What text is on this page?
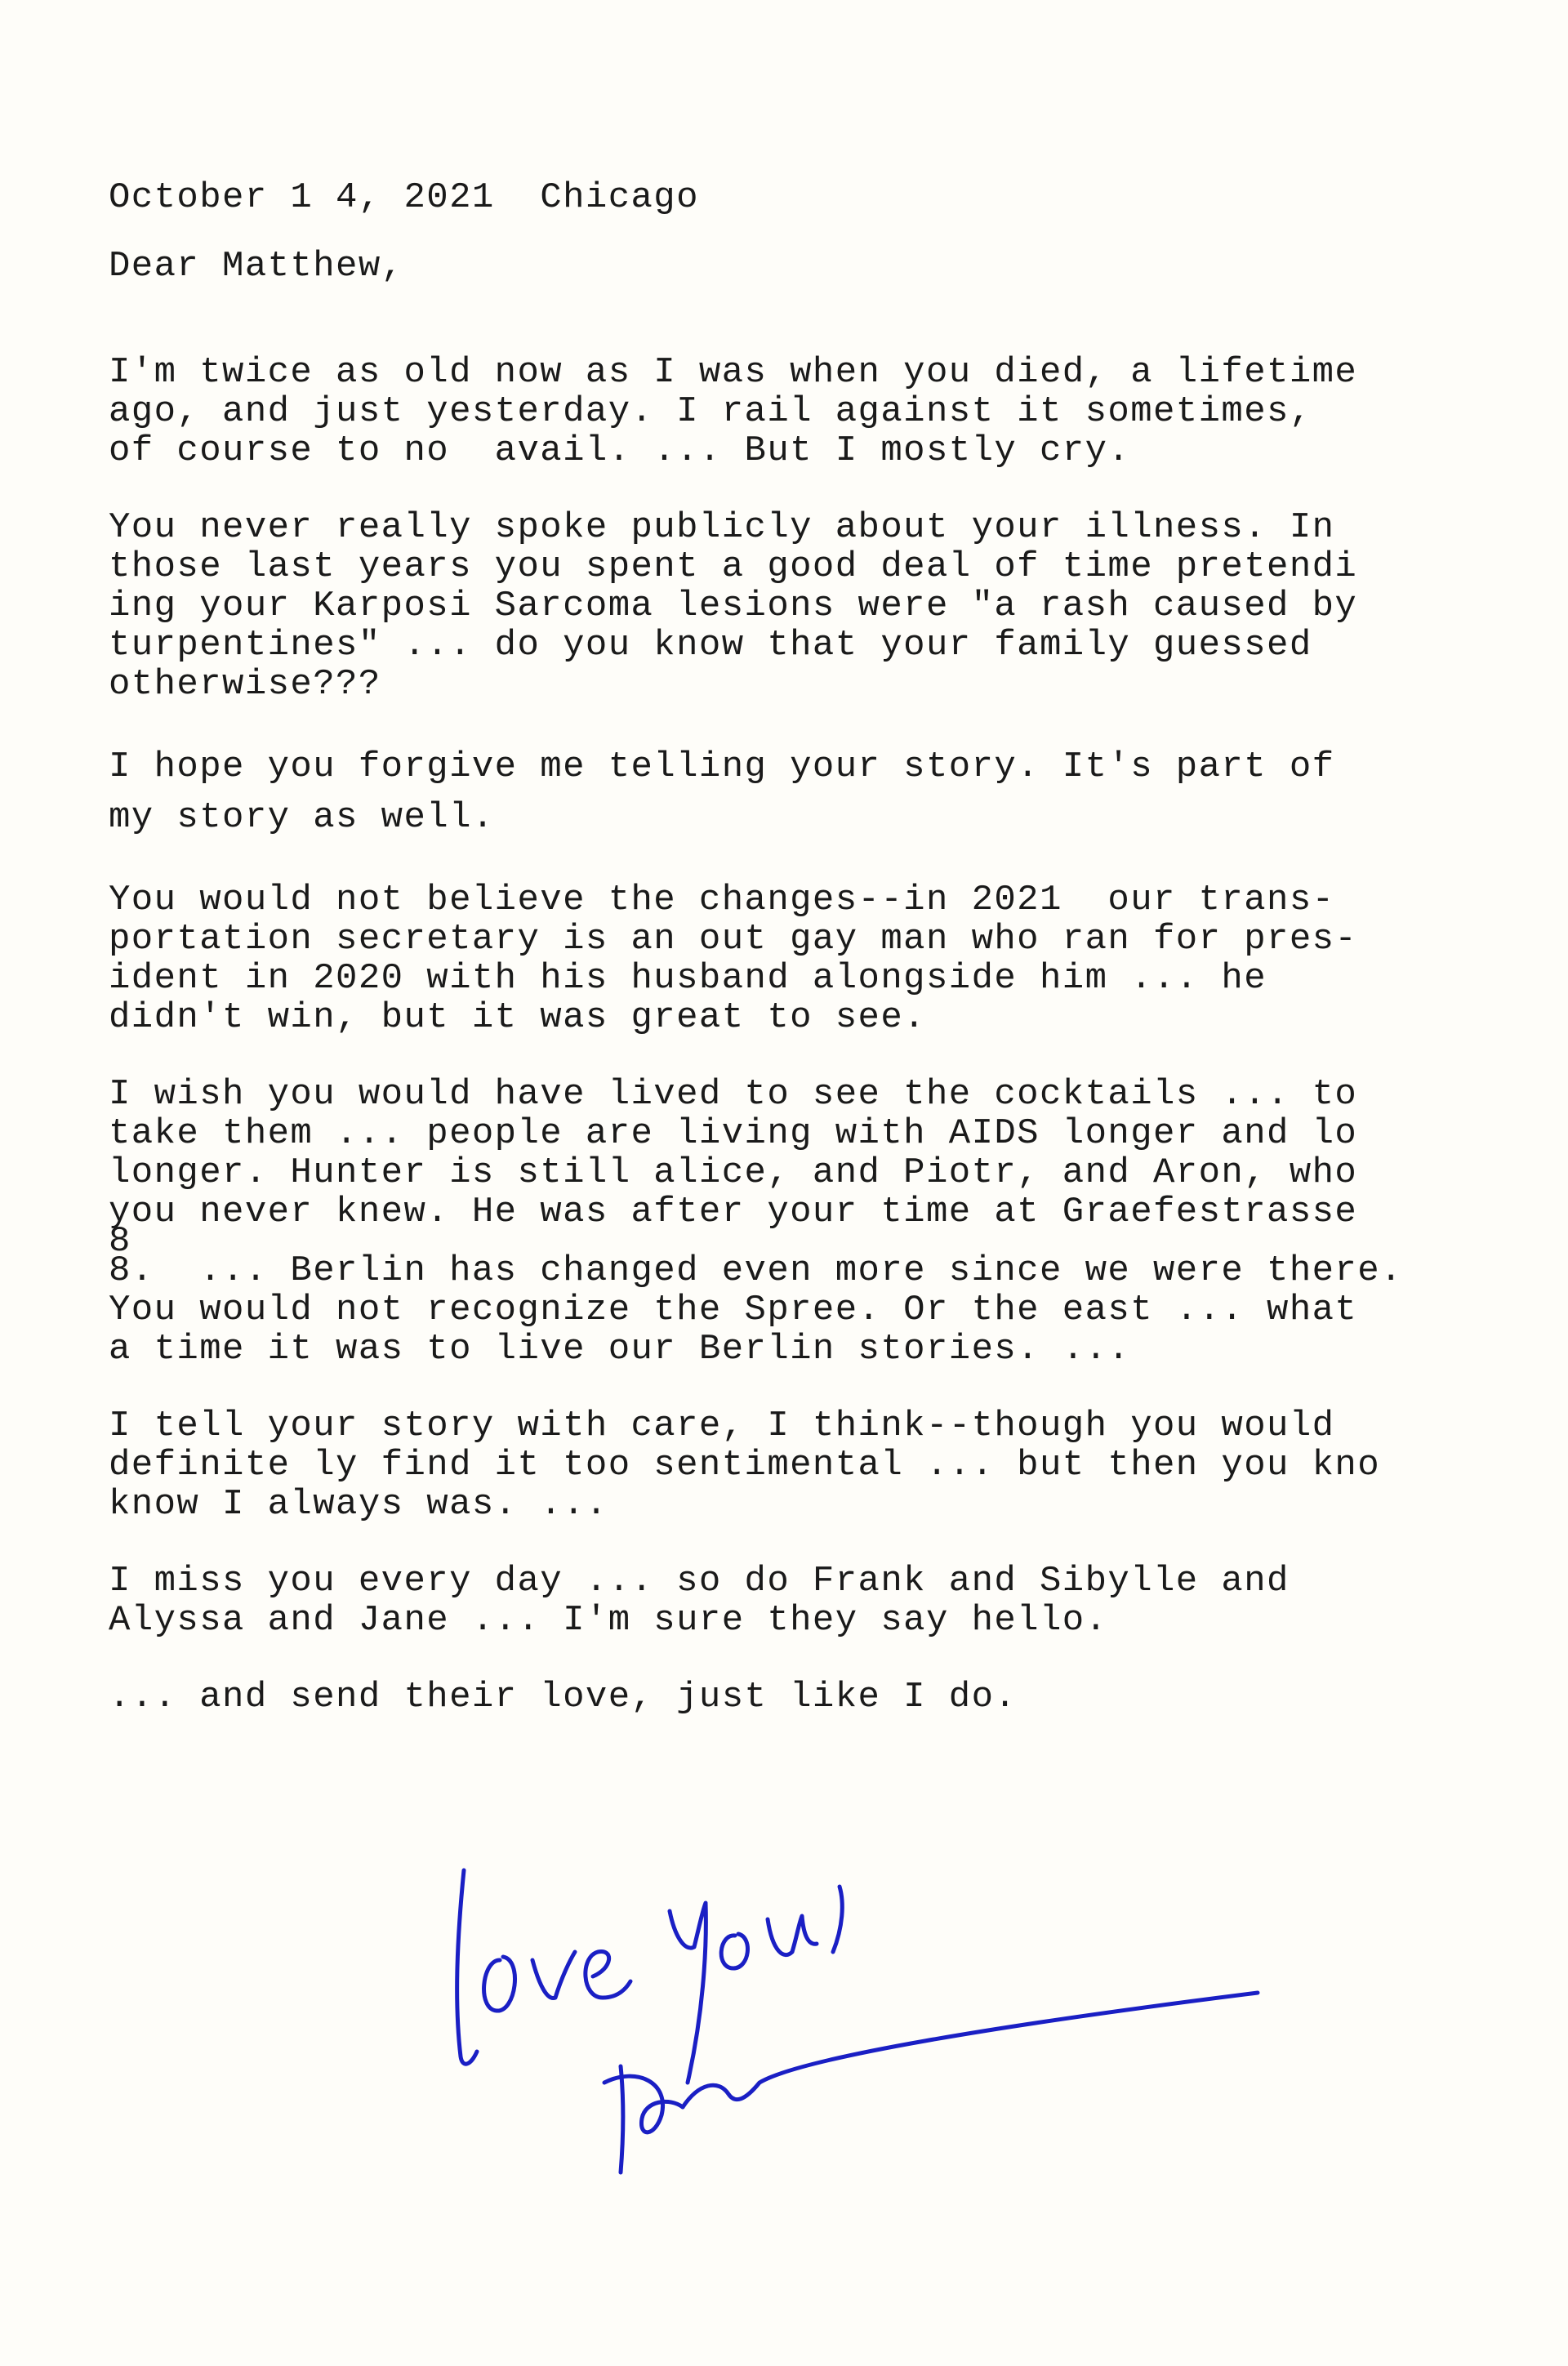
October 1 4, 2021  Chicago
Dear Matthew,
I'm twice as old now as I was when you died, a lifetime
ago, and just yesterday. I rail against it sometimes,
of course to no  avail. ... But I mostly cry.
You never really spoke publicly about your illness. In
those last years you spent a good deal of time pretendi
ing your Karposi Sarcoma lesions were "a rash caused by
turpentines" ... do you know that your family guessed
otherwise???
I hope you forgive me telling your story. It's part of
my story as well.
You would not believe the changes--in 2021  our trans-
portation secretary is an out gay man who ran for pres-
ident in 2020 with his husband alongside him ... he
didn't win, but it was great to see.
I wish you would have lived to see the cocktails ... to
take them ... people are living with AIDS longer and lo
longer. Hunter is still alice, and Piotr, and Aron, who
you never knew. He was after your time at Graefestrasse
8
8.  ... Berlin has changed even more since we were there.
You would not recognize the Spree. Or the east ... what
a time it was to live our Berlin stories. ...
I tell your story with care, I think--though you would
definite ly find it too sentimental ... but then you kno
know I always was. ...
I miss you every day ... so do Frank and Sibylle and
Alyssa and Jane ... I'm sure they say hello.
... and send their love, just like I do.
